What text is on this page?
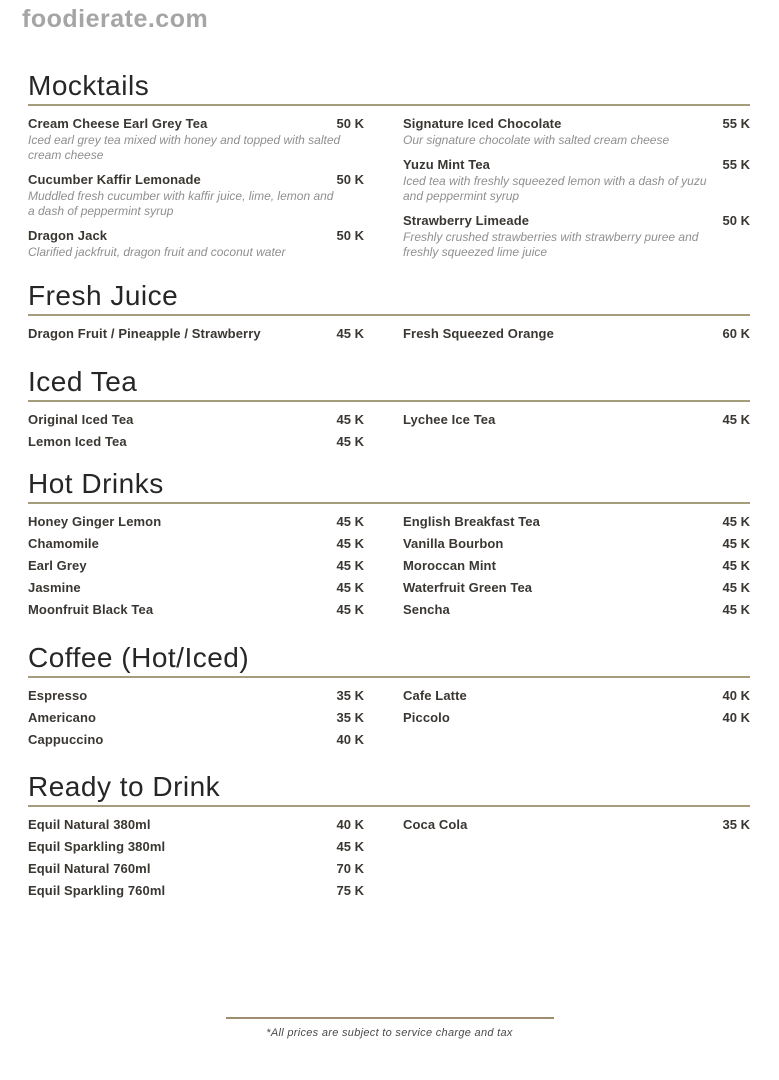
foodierate.com
Mocktails
Cream Cheese Earl Grey Tea	50 K
Iced earl grey tea mixed with honey and topped with salted cream cheese
Cucumber Kaffir Lemonade	50 K
Muddled fresh cucumber with kaffir juice, lime, lemon and a dash of peppermint syrup
Dragon Jack	50 K
Clarified jackfruit, dragon fruit and coconut water
Signature Iced Chocolate	55 K
Our signature chocolate with salted cream cheese
Yuzu Mint Tea	55 K
Iced tea with freshly squeezed lemon with a dash of yuzu and peppermint syrup
Strawberry Limeade	50 K
Freshly crushed strawberries with strawberry puree and freshly squeezed lime juice
Fresh Juice
Dragon Fruit / Pineapple / Strawberry	45 K	Fresh Squeezed Orange	60 K
Iced Tea
Original Iced Tea	45 K
Lemon Iced Tea	45 K
Lychee Ice Tea	45 K
Hot Drinks
Honey Ginger Lemon	45 K
Chamomile	45 K
Earl Grey	45 K
Jasmine	45 K
Moonfruit Black Tea	45 K
English Breakfast Tea	45 K
Vanilla Bourbon	45 K
Moroccan Mint	45 K
Waterfruit Green Tea	45 K
Sencha	45 K
Coffee (Hot/Iced)
Espresso	35 K
Americano	35 K
Cappuccino	40 K
Cafe Latte	40 K
Piccolo	40 K
Ready to Drink
Equil Natural 380ml	40 K
Equil Sparkling 380ml	45 K
Equil Natural 760ml	70 K
Equil Sparkling 760ml	75 K
Coca Cola	35 K
*All prices are subject to service charge and tax
